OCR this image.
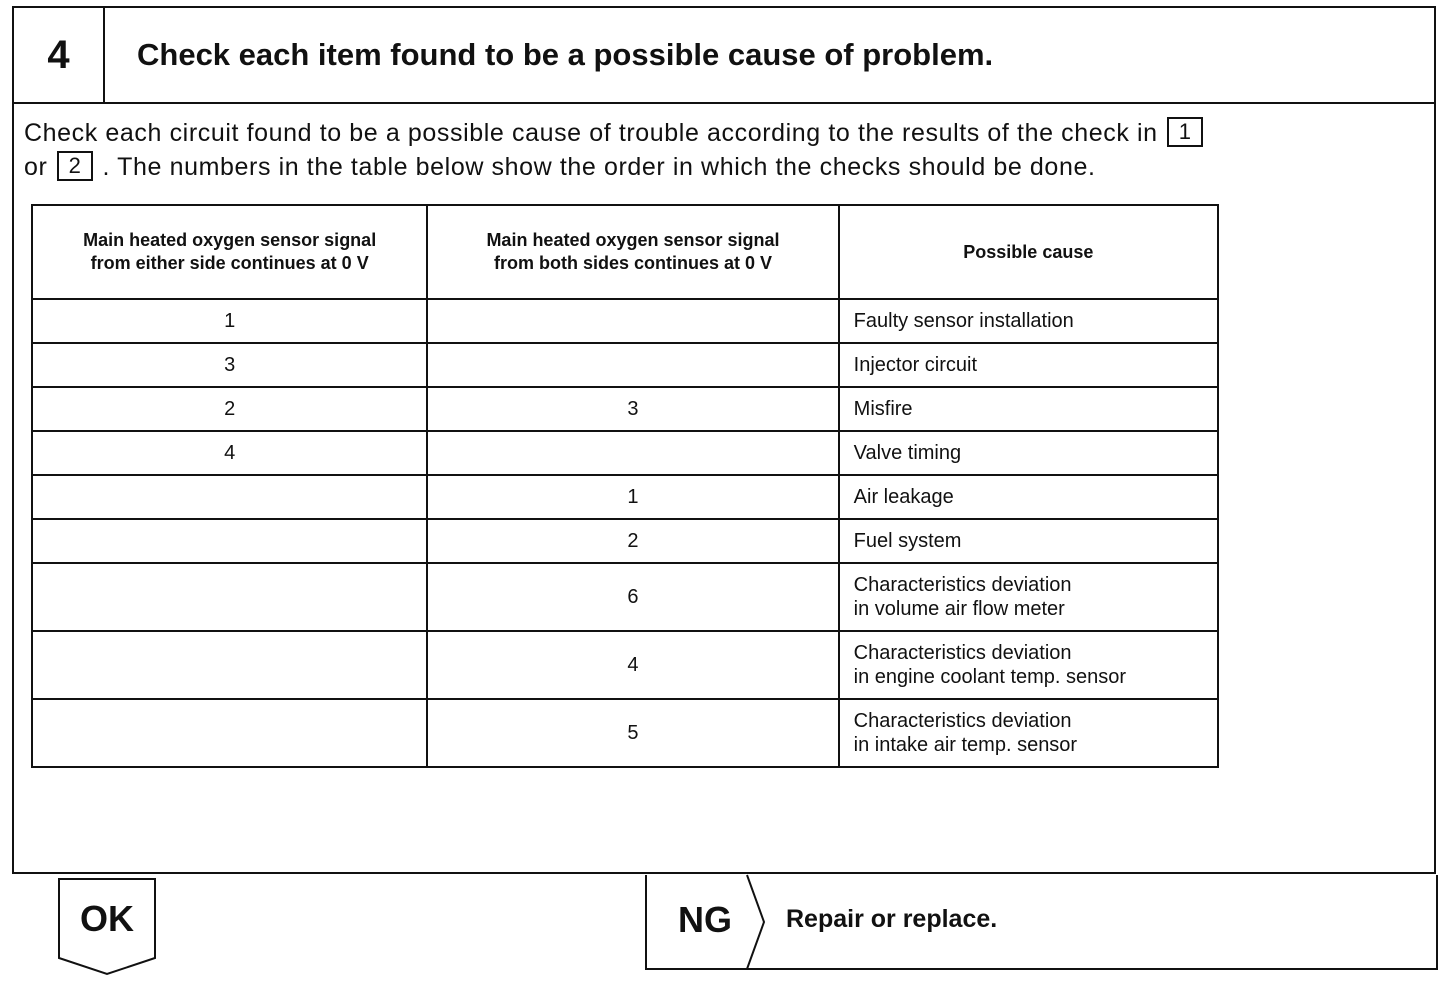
4	Check each item found to be a possible cause of problem.
Check each circuit found to be a possible cause of trouble according to the results of the check in 1
or 2 . The numbers in the table below show the order in which the checks should be done.
Main heated oxygen sensor signal from either side continues at 0 V	Main heated oxygen sensor signal from both sides continues at 0 V	Possible cause
1		Faulty sensor installation
3		Injector circuit
2	3	Misfire
4		Valve timing
	1	Air leakage
	2	Fuel system
	6	Characteristics deviation
in volume air flow meter
	4	Characteristics deviation
in engine coolant temp. sensor
	5	Characteristics deviation
in intake air temp. sensor
OK	NG	Repair or replace.
